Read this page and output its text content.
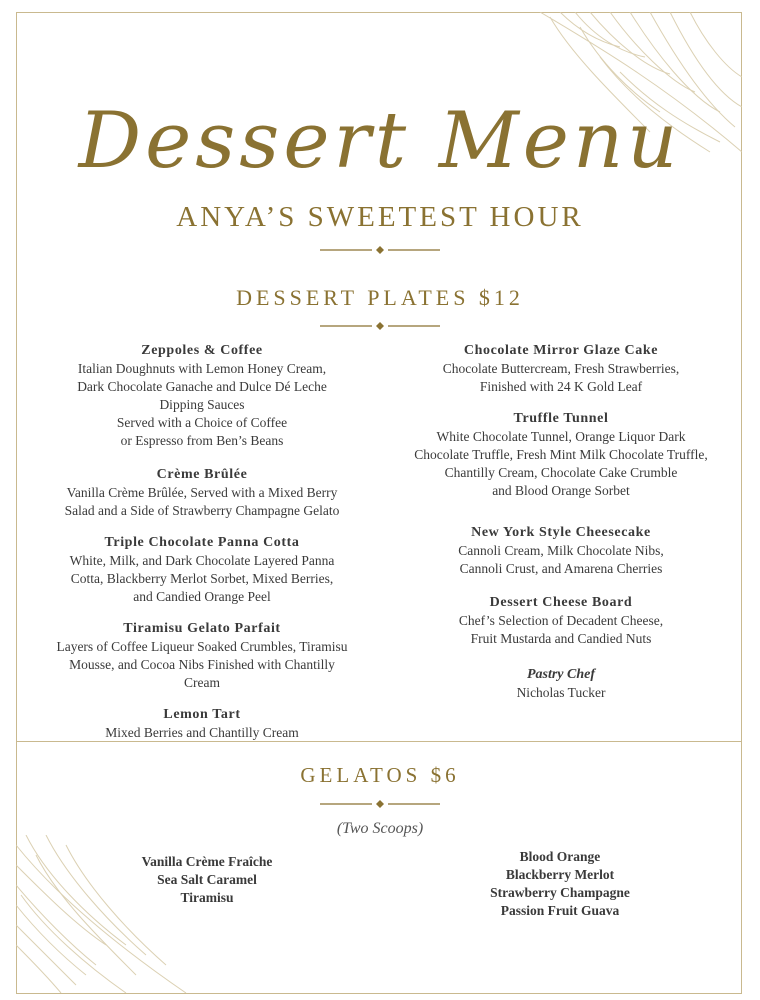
Dessert Menu
ANYA’S SWEETEST HOUR
DESSERT PLATES $12
Zeppoles & Coffee
Italian Doughnuts with Lemon Honey Cream,
Dark Chocolate Ganache and Dulce Dé Leche
Dipping Sauces
Served with a Choice of Coffee
or Espresso from Ben’s Beans
Crème Brûlée
Vanilla Crème Brûlée, Served with a Mixed Berry
Salad and a Side of Strawberry Champagne Gelato
Triple Chocolate Panna Cotta
White, Milk, and Dark Chocolate Layered Panna
Cotta, Blackberry Merlot Sorbet, Mixed Berries,
and Candied Orange Peel
Tiramisu Gelato Parfait
Layers of Coffee Liqueur Soaked Crumbles, Tiramisu
Mousse, and Cocoa Nibs Finished with Chantilly
Cream
Lemon Tart
Mixed Berries and Chantilly Cream
Chocolate Mirror Glaze Cake
Chocolate Buttercream, Fresh Strawberries,
Finished with 24 K Gold Leaf
Truffle Tunnel
White Chocolate Tunnel, Orange Liquor Dark
Chocolate Truffle, Fresh Mint Milk Chocolate Truffle,
Chantilly Cream, Chocolate Cake Crumble
and Blood Orange Sorbet
New York Style Cheesecake
Cannoli Cream, Milk Chocolate Nibs,
Cannoli Crust, and Amarena Cherries
Dessert Cheese Board
Chef’s Selection of Decadent Cheese,
Fruit Mustarda and Candied Nuts
Pastry Chef
Nicholas Tucker
GELATOS $6
(Two Scoops)
Vanilla Crème Fraîche
Sea Salt Caramel
Tiramisu
Blood Orange
Blackberry Merlot
Strawberry Champagne
Passion Fruit Guava
